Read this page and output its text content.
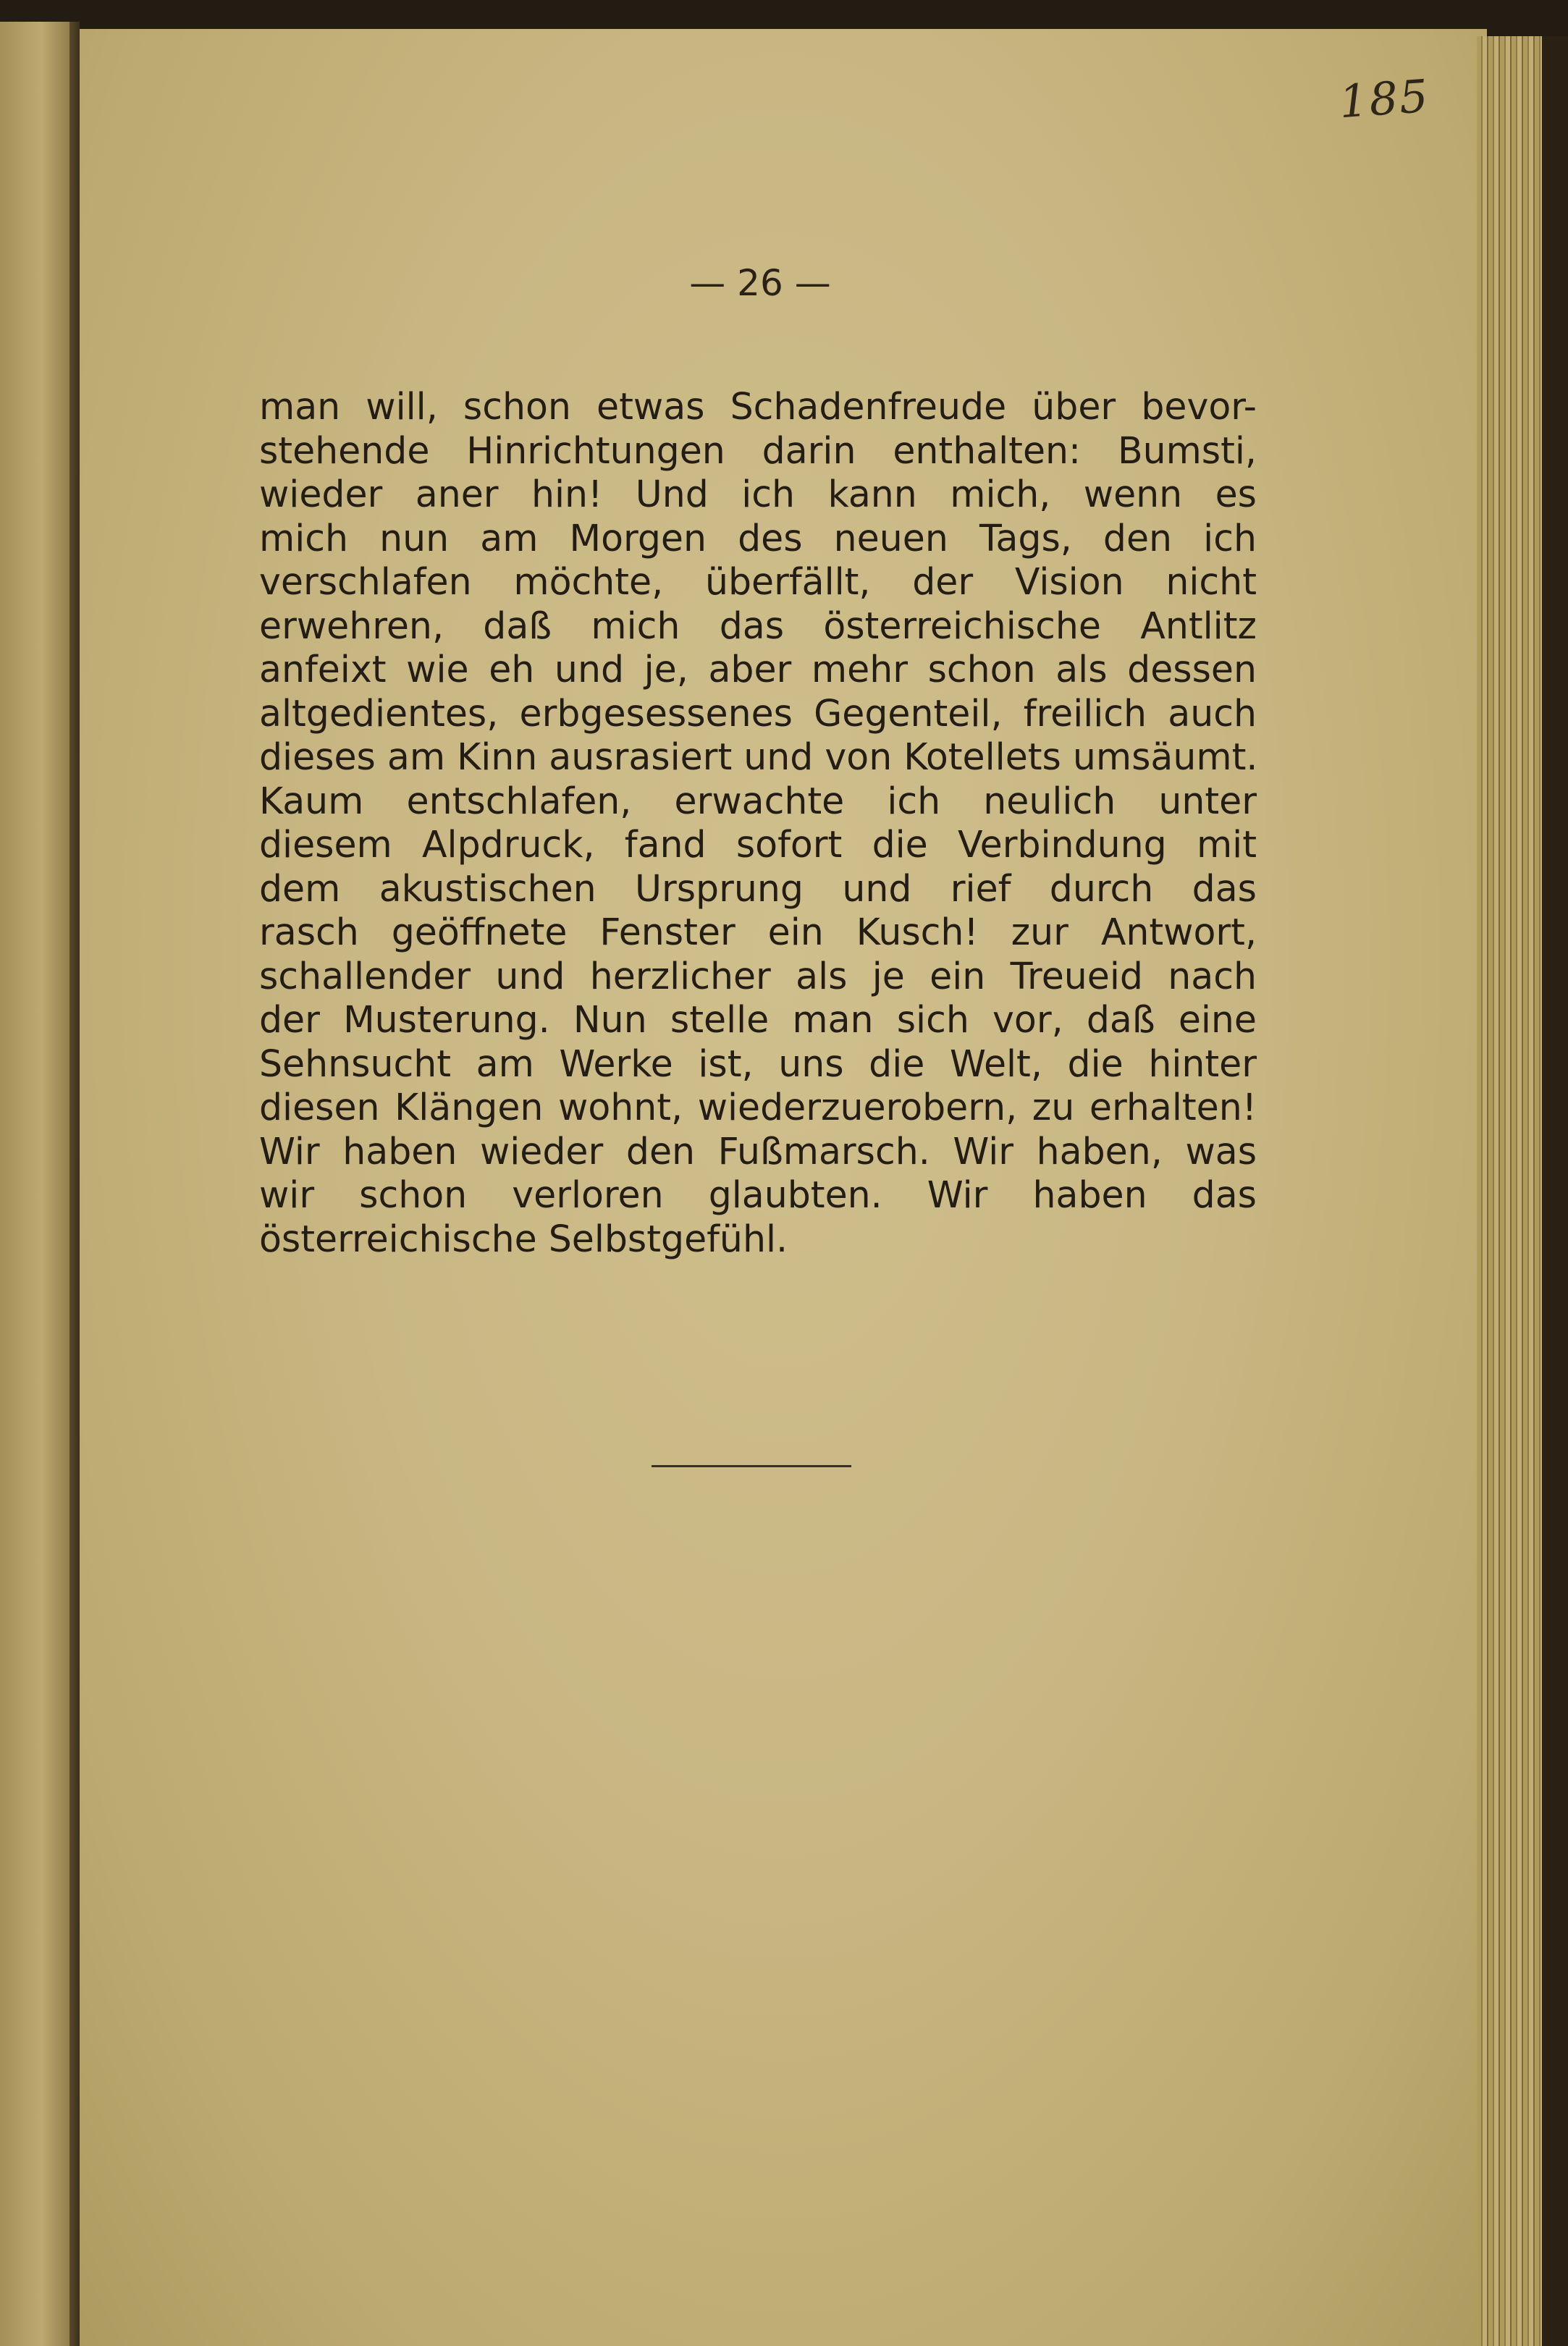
185
— 26 —
man will, schon etwas Schadenfreude über bevor-
stehende Hinrichtungen darin enthalten: Bumsti,
wieder aner hin! Und ich kann mich, wenn es
mich nun am Morgen des neuen Tags, den ich
verschlafen möchte, überfällt, der Vision nicht
erwehren, daß mich das österreichische Antlitz
anfeixt wie eh und je, aber mehr schon als dessen
altgedientes, erbgesessenes Gegenteil, freilich auch
dieses am Kinn ausrasiert und von Kotellets umsäumt.
Kaum entschlafen, erwachte ich neulich unter
diesem Alpdruck, fand sofort die Verbindung mit
dem akustischen Ursprung und rief durch das
rasch geöffnete Fenster ein Kusch! zur Antwort,
schallender und herzlicher als je ein Treueid nach
der Musterung. Nun stelle man sich vor, daß eine
Sehnsucht am Werke ist, uns die Welt, die hinter
diesen Klängen wohnt, wiederzuerobern, zu erhalten!
Wir haben wieder den Fußmarsch. Wir haben, was
wir schon verloren glaubten. Wir haben das
österreichische Selbstgefühl.
